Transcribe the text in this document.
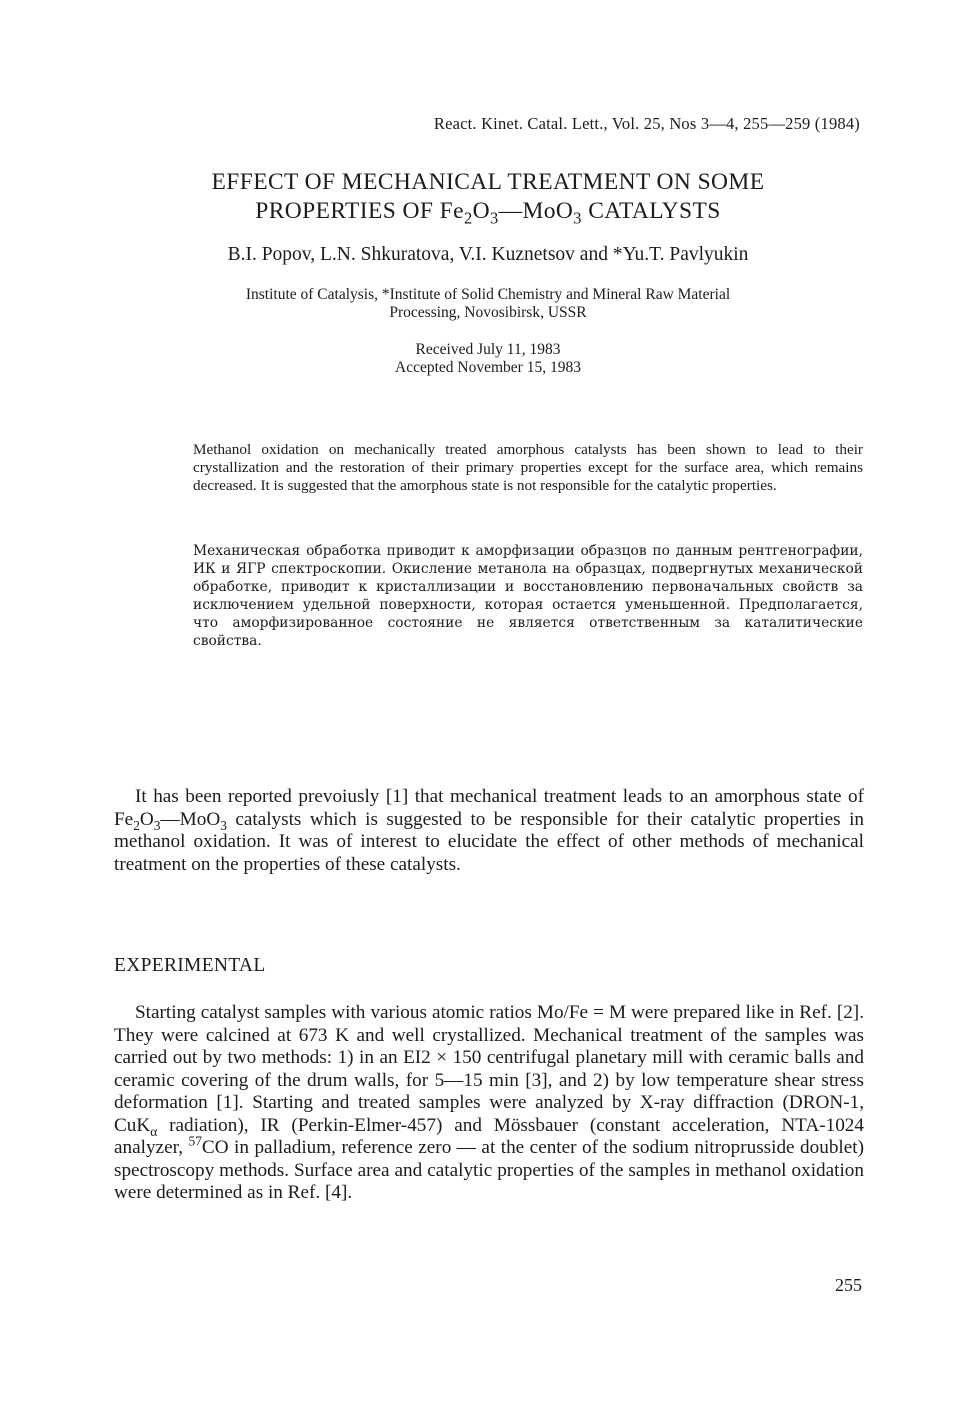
React. Kinet. Catal. Lett., Vol. 25, Nos 3—4, 255—259 (1984)
EFFECT OF MECHANICAL TREATMENT ON SOME
PROPERTIES OF $Fe_2O_3—MoO_3$ CATALYSTS
B.I. Popov, L.N. Shkuratova, V.I. Kuznetsov and *Yu.T. Pavlyukin
Institute of Catalysis, *Institute of Solid Chemistry and Mineral Raw Material
Processing, Novosibirsk, USSR
Received July 11, 1983
Accepted November 15, 1983

Methanol oxidation on mechanically treated amorphous catalysts has been shown to lead to their crystallization and the restoration of their primary properties except for the surface area, which remains decreased. It is suggested that the amorphous state is not responsible for the catalytic properties.

Механическая обработка приводит к аморфизации образцов по данным рентгенографии, ИК и ЯГР спектроскопии. Окисление метанола на образцах, подвергнутых механической обработке, приводит к кристаллизации и восстановлению первоначальных свойств за исключением удельной поверхности, которая остается уменьшенной. Предполагается, что аморфизированное состояние не является ответственным за каталитические свойства.

It has been reported prevoiusly [1] that mechanical treatment leads to an amorphous state of $Fe_2O_3—MoO_3$ catalysts which is suggested to be responsible for their catalytic properties in methanol oxidation. It was of interest to elucidate the effect of other methods of mechanical treatment on the properties of these catalysts.

EXPERIMENTAL

Starting catalyst samples with various atomic ratios Mo/Fe = M were prepared like in Ref. [2]. They were calcined at 673 K and well crystallized. Mechanical treatment of the samples was carried out by two methods: 1) in an EI2 × 150 centrifugal planetary mill with ceramic balls and ceramic covering of the drum walls, for 5—15 min [3], and 2) by low temperature shear stress deformation [1]. Starting and treated samples were analyzed by X-ray diffraction (DRON-1, CuK$_\alpha$ radiation), IR (Perkin-Elmer-457) and Mössbauer (constant acceleration, NTA-1024 analyzer, $^{57}$CO in palladium, reference zero — at the center of the sodium nitroprusside doublet) spectroscopy methods. Surface area and catalytic properties of the samples in methanol oxidation were determined as in Ref. [4].

255
